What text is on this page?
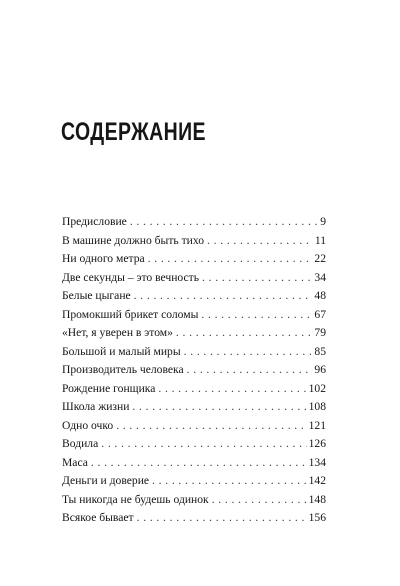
СОДЕРЖАНИЕ
Предисловие . . .	9
В машине должно быть тихо . . .	11
Ни одного метра . . .	22
Две секунды – это вечность . . .	34
Белые цыгане . . .	48
Промокший брикет соломы . . .	67
«Нет, я уверен в этом» . . .	79
Большой и малый миры . . .	85
Производитель человека . . .	96
Рождение гонщика . . .	102
Школа жизни . . .	108
Одно очко . . .	121
Водила . . .	126
Маса . . .	134
Деньги и доверие . . .	142
Ты никогда не будешь одинок . . .	148
Всякое бывает . . .	156
